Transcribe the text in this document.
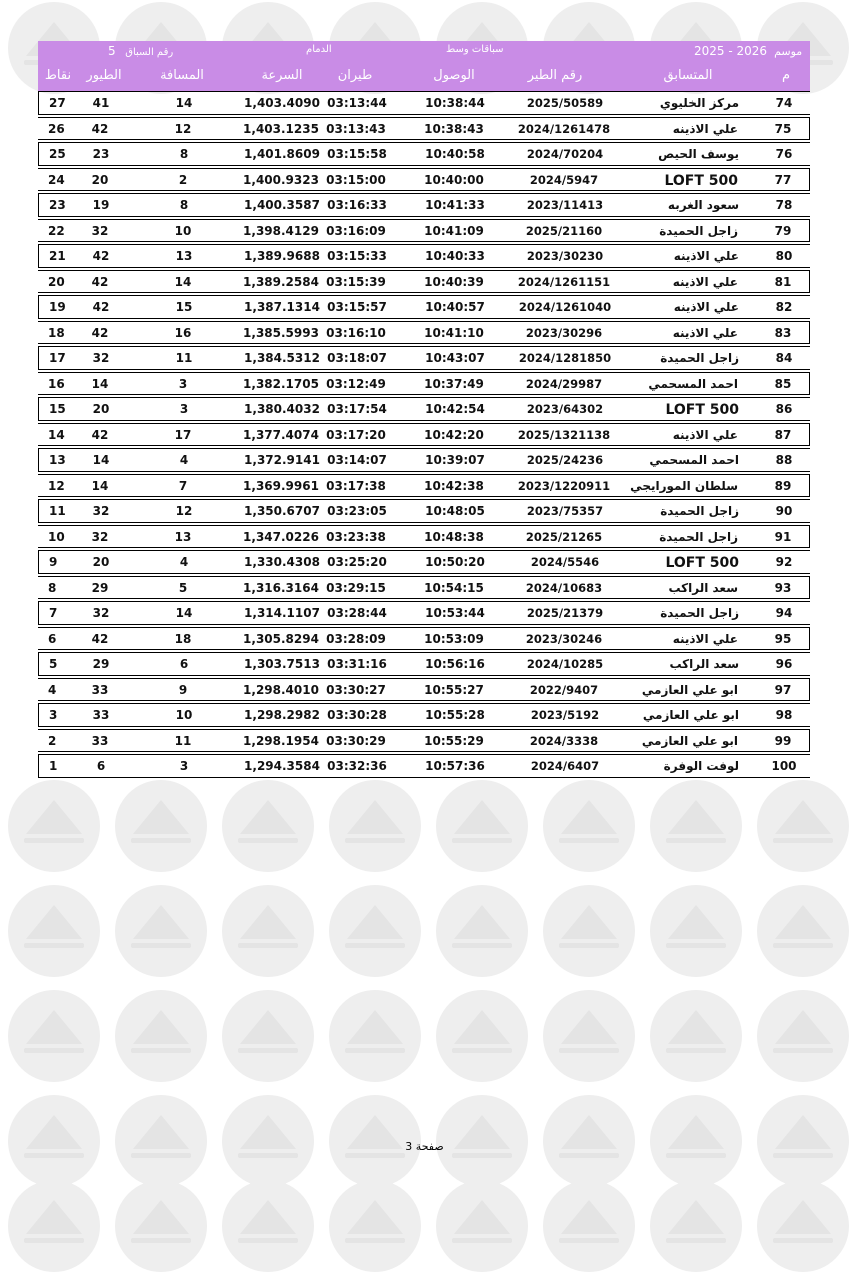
رقم السباق   5	الدمام	سباقات وسط	موسم  2026 - 2025
نقاط	الطيور	المسافة	السرعة	طيران	الوصول	رقم الطير	المتسابق	م
27	41	14	1,403.4090 03:13:44	10:38:44	2025/50589	مركز الخليوي	74
26	42	12	1,403.1235 03:13:43	10:38:43	2024/1261478	علي الاذينه	75
25	23	8	1,401.8609 03:15:58	10:40:58	2024/70204	يوسف الحيص	76
24	20	2	1,400.9323 03:15:00	10:40:00	2024/5947	LOFT 500	77
23	19	8	1,400.3587 03:16:33	10:41:33	2023/11413	سعود الغربه	78
22	32	10	1,398.4129 03:16:09	10:41:09	2025/21160	زاجل الحميدة	79
21	42	13	1,389.9688 03:15:33	10:40:33	2023/30230	علي الاذينه	80
20	42	14	1,389.2584 03:15:39	10:40:39	2024/1261151	علي الاذينه	81
19	42	15	1,387.1314 03:15:57	10:40:57	2024/1261040	علي الاذينه	82
18	42	16	1,385.5993 03:16:10	10:41:10	2023/30296	علي الاذينه	83
17	32	11	1,384.5312 03:18:07	10:43:07	2024/1281850	زاجل الحميدة	84
16	14	3	1,382.1705 03:12:49	10:37:49	2024/29987	احمد المسحمي	85
15	20	3	1,380.4032 03:17:54	10:42:54	2023/64302	LOFT 500	86
14	42	17	1,377.4074 03:17:20	10:42:20	2025/1321138	علي الاذينه	87
13	14	4	1,372.9141 03:14:07	10:39:07	2025/24236	احمد المسحمي	88
12	14	7	1,369.9961 03:17:38	10:42:38	2023/1220911	سلطان المورايجي	89
11	32	12	1,350.6707 03:23:05	10:48:05	2023/75357	زاجل الحميدة	90
10	32	13	1,347.0226 03:23:38	10:48:38	2025/21265	زاجل الحميدة	91
9	20	4	1,330.4308 03:25:20	10:50:20	2024/5546	LOFT 500	92
8	29	5	1,316.3164 03:29:15	10:54:15	2024/10683	سعد الراكب	93
7	32	14	1,314.1107 03:28:44	10:53:44	2025/21379	زاجل الحميدة	94
6	42	18	1,305.8294 03:28:09	10:53:09	2023/30246	علي الاذينه	95
5	29	6	1,303.7513 03:31:16	10:56:16	2024/10285	سعد الراكب	96
4	33	9	1,298.4010 03:30:27	10:55:27	2022/9407	ابو علي العازمي	97
3	33	10	1,298.2982 03:30:28	10:55:28	2023/5192	ابو علي العازمي	98
2	33	11	1,298.1954 03:30:29	10:55:29	2024/3338	ابو علي العازمي	99
1	6	3	1,294.3584 03:32:36	10:57:36	2024/6407	لوفت الوفرة	100
صفحة 3
